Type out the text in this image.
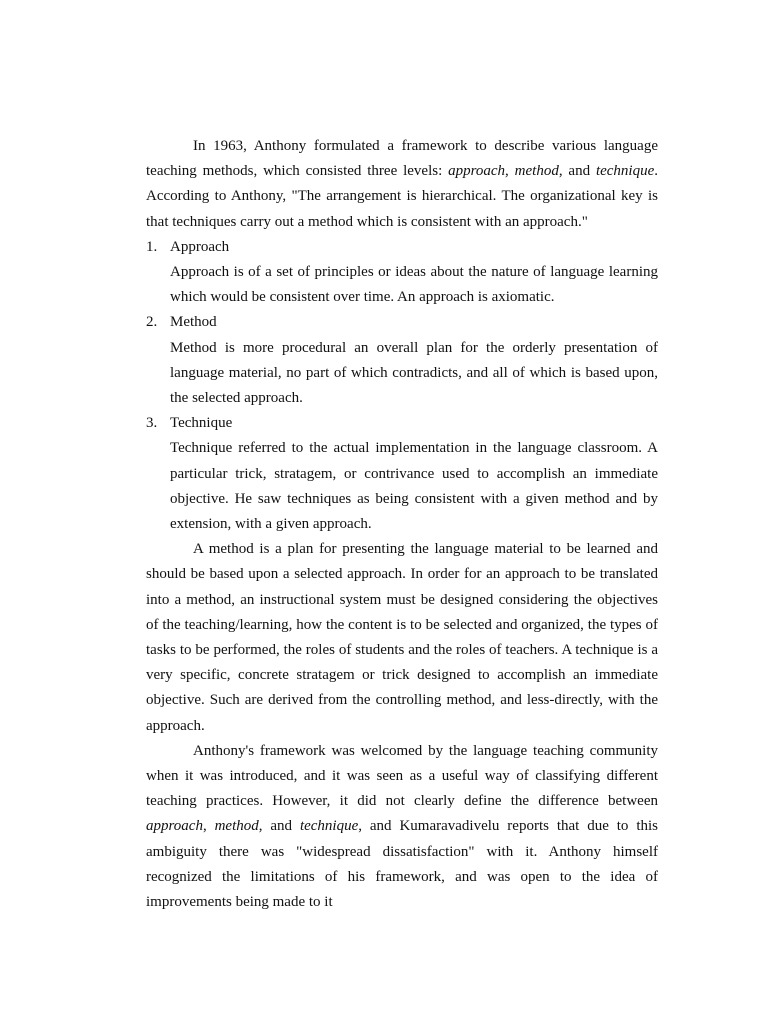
In 1963, Anthony formulated a framework to describe various language teaching methods, which consisted three levels: approach, method, and technique. According to Anthony, "The arrangement is hierarchical. The organizational key is that techniques carry out a method which is consistent with an approach."

1. Approach

Approach is of a set of principles or ideas about the nature of language learning which would be consistent over time. An approach is axiomatic.

2. Method

Method is more procedural an overall plan for the orderly presentation of language material, no part of which contradicts, and all of which is based upon, the selected approach.

3. Technique

Technique referred to the actual implementation in the language classroom. A particular trick, stratagem, or contrivance used to accomplish an immediate objective. He saw techniques as being consistent with a given method and by extension, with a given approach.

A method is a plan for presenting the language material to be learned and should be based upon a selected approach. In order for an approach to be translated into a method, an instructional system must be designed considering the objectives of the teaching/learning, how the content is to be selected and organized, the types of tasks to be performed, the roles of students and the roles of teachers. A technique is a very specific, concrete stratagem or trick designed to accomplish an immediate objective. Such are derived from the controlling method, and less-directly, with the approach.

Anthony's framework was welcomed by the language teaching community when it was introduced, and it was seen as a useful way of classifying different teaching practices. However, it did not clearly define the difference between approach, method, and technique, and Kumaravadivelu reports that due to this ambiguity there was "widespread dissatisfaction" with it. Anthony himself recognized the limitations of his framework, and was open to the idea of improvements being made to it
